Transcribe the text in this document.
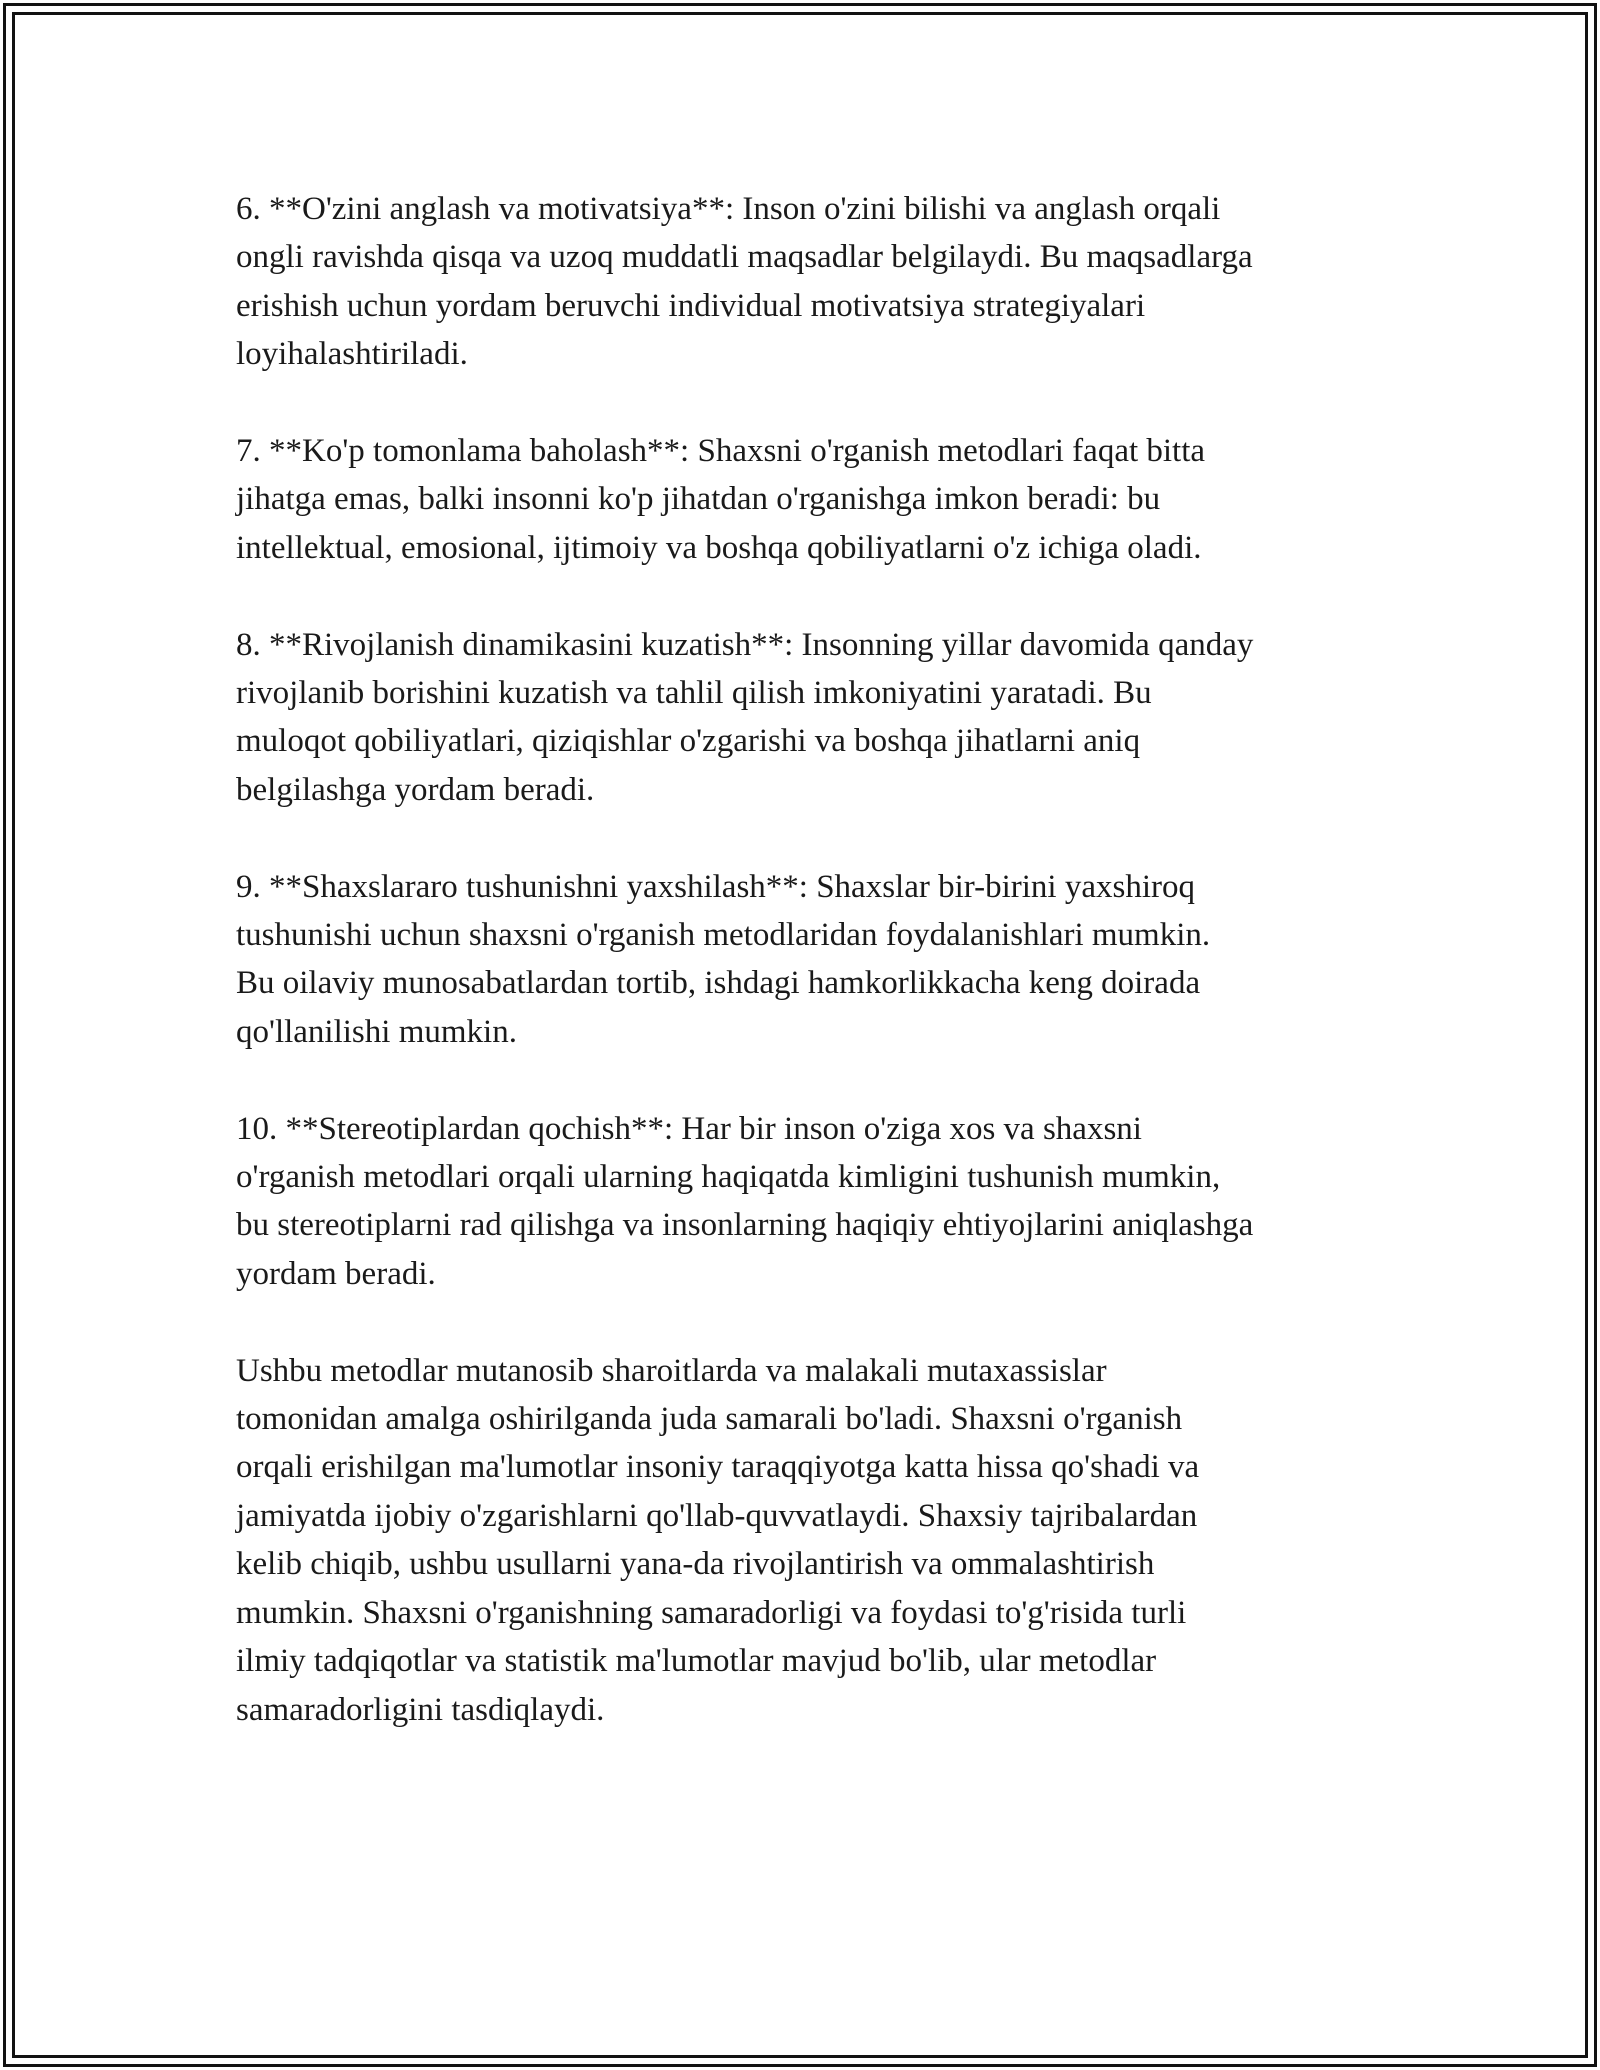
6. **O'zini anglash va motivatsiya**: Inson o'zini bilishi va anglash orqali
ongli ravishda qisqa va uzoq muddatli maqsadlar belgilaydi. Bu maqsadlarga
erishish uchun yordam beruvchi individual motivatsiya strategiyalari
loyihalashtiriladi.

7. **Ko'p tomonlama baholash**: Shaxsni o'rganish metodlari faqat bitta
jihatga emas, balki insonni ko'p jihatdan o'rganishga imkon beradi: bu
intellektual, emosional, ijtimoiy va boshqa qobiliyatlarni o'z ichiga oladi.

8. **Rivojlanish dinamikasini kuzatish**: Insonning yillar davomida qanday
rivojlanib borishini kuzatish va tahlil qilish imkoniyatini yaratadi. Bu
muloqot qobiliyatlari, qiziqishlar o'zgarishi va boshqa jihatlarni aniq
belgilashga yordam beradi.

9. **Shaxslararo tushunishni yaxshilash**: Shaxslar bir-birini yaxshiroq
tushunishi uchun shaxsni o'rganish metodlaridan foydalanishlari mumkin.
Bu oilaviy munosabatlardan tortib, ishdagi hamkorlikkacha keng doirada
qo'llanilishi mumkin.

10. **Stereotiplardan qochish**: Har bir inson o'ziga xos va shaxsni
o'rganish metodlari orqali ularning haqiqatda kimligini tushunish mumkin,
bu stereotiplarni rad qilishga va insonlarning haqiqiy ehtiyojlarini aniqlashga
yordam beradi.

Ushbu metodlar mutanosib sharoitlarda va malakali mutaxassislar
tomonidan amalga oshirilganda juda samarali bo'ladi. Shaxsni o'rganish
orqali erishilgan ma'lumotlar insoniy taraqqiyotga katta hissa qo'shadi va
jamiyatda ijobiy o'zgarishlarni qo'llab-quvvatlaydi. Shaxsiy tajribalardan
kelib chiqib, ushbu usullarni yana-da rivojlantirish va ommalashtirish
mumkin. Shaxsni o'rganishning samaradorligi va foydasi to'g'risida turli
ilmiy tadqiqotlar va statistik ma'lumotlar mavjud bo'lib, ular metodlar
samaradorligini tasdiqlaydi.
